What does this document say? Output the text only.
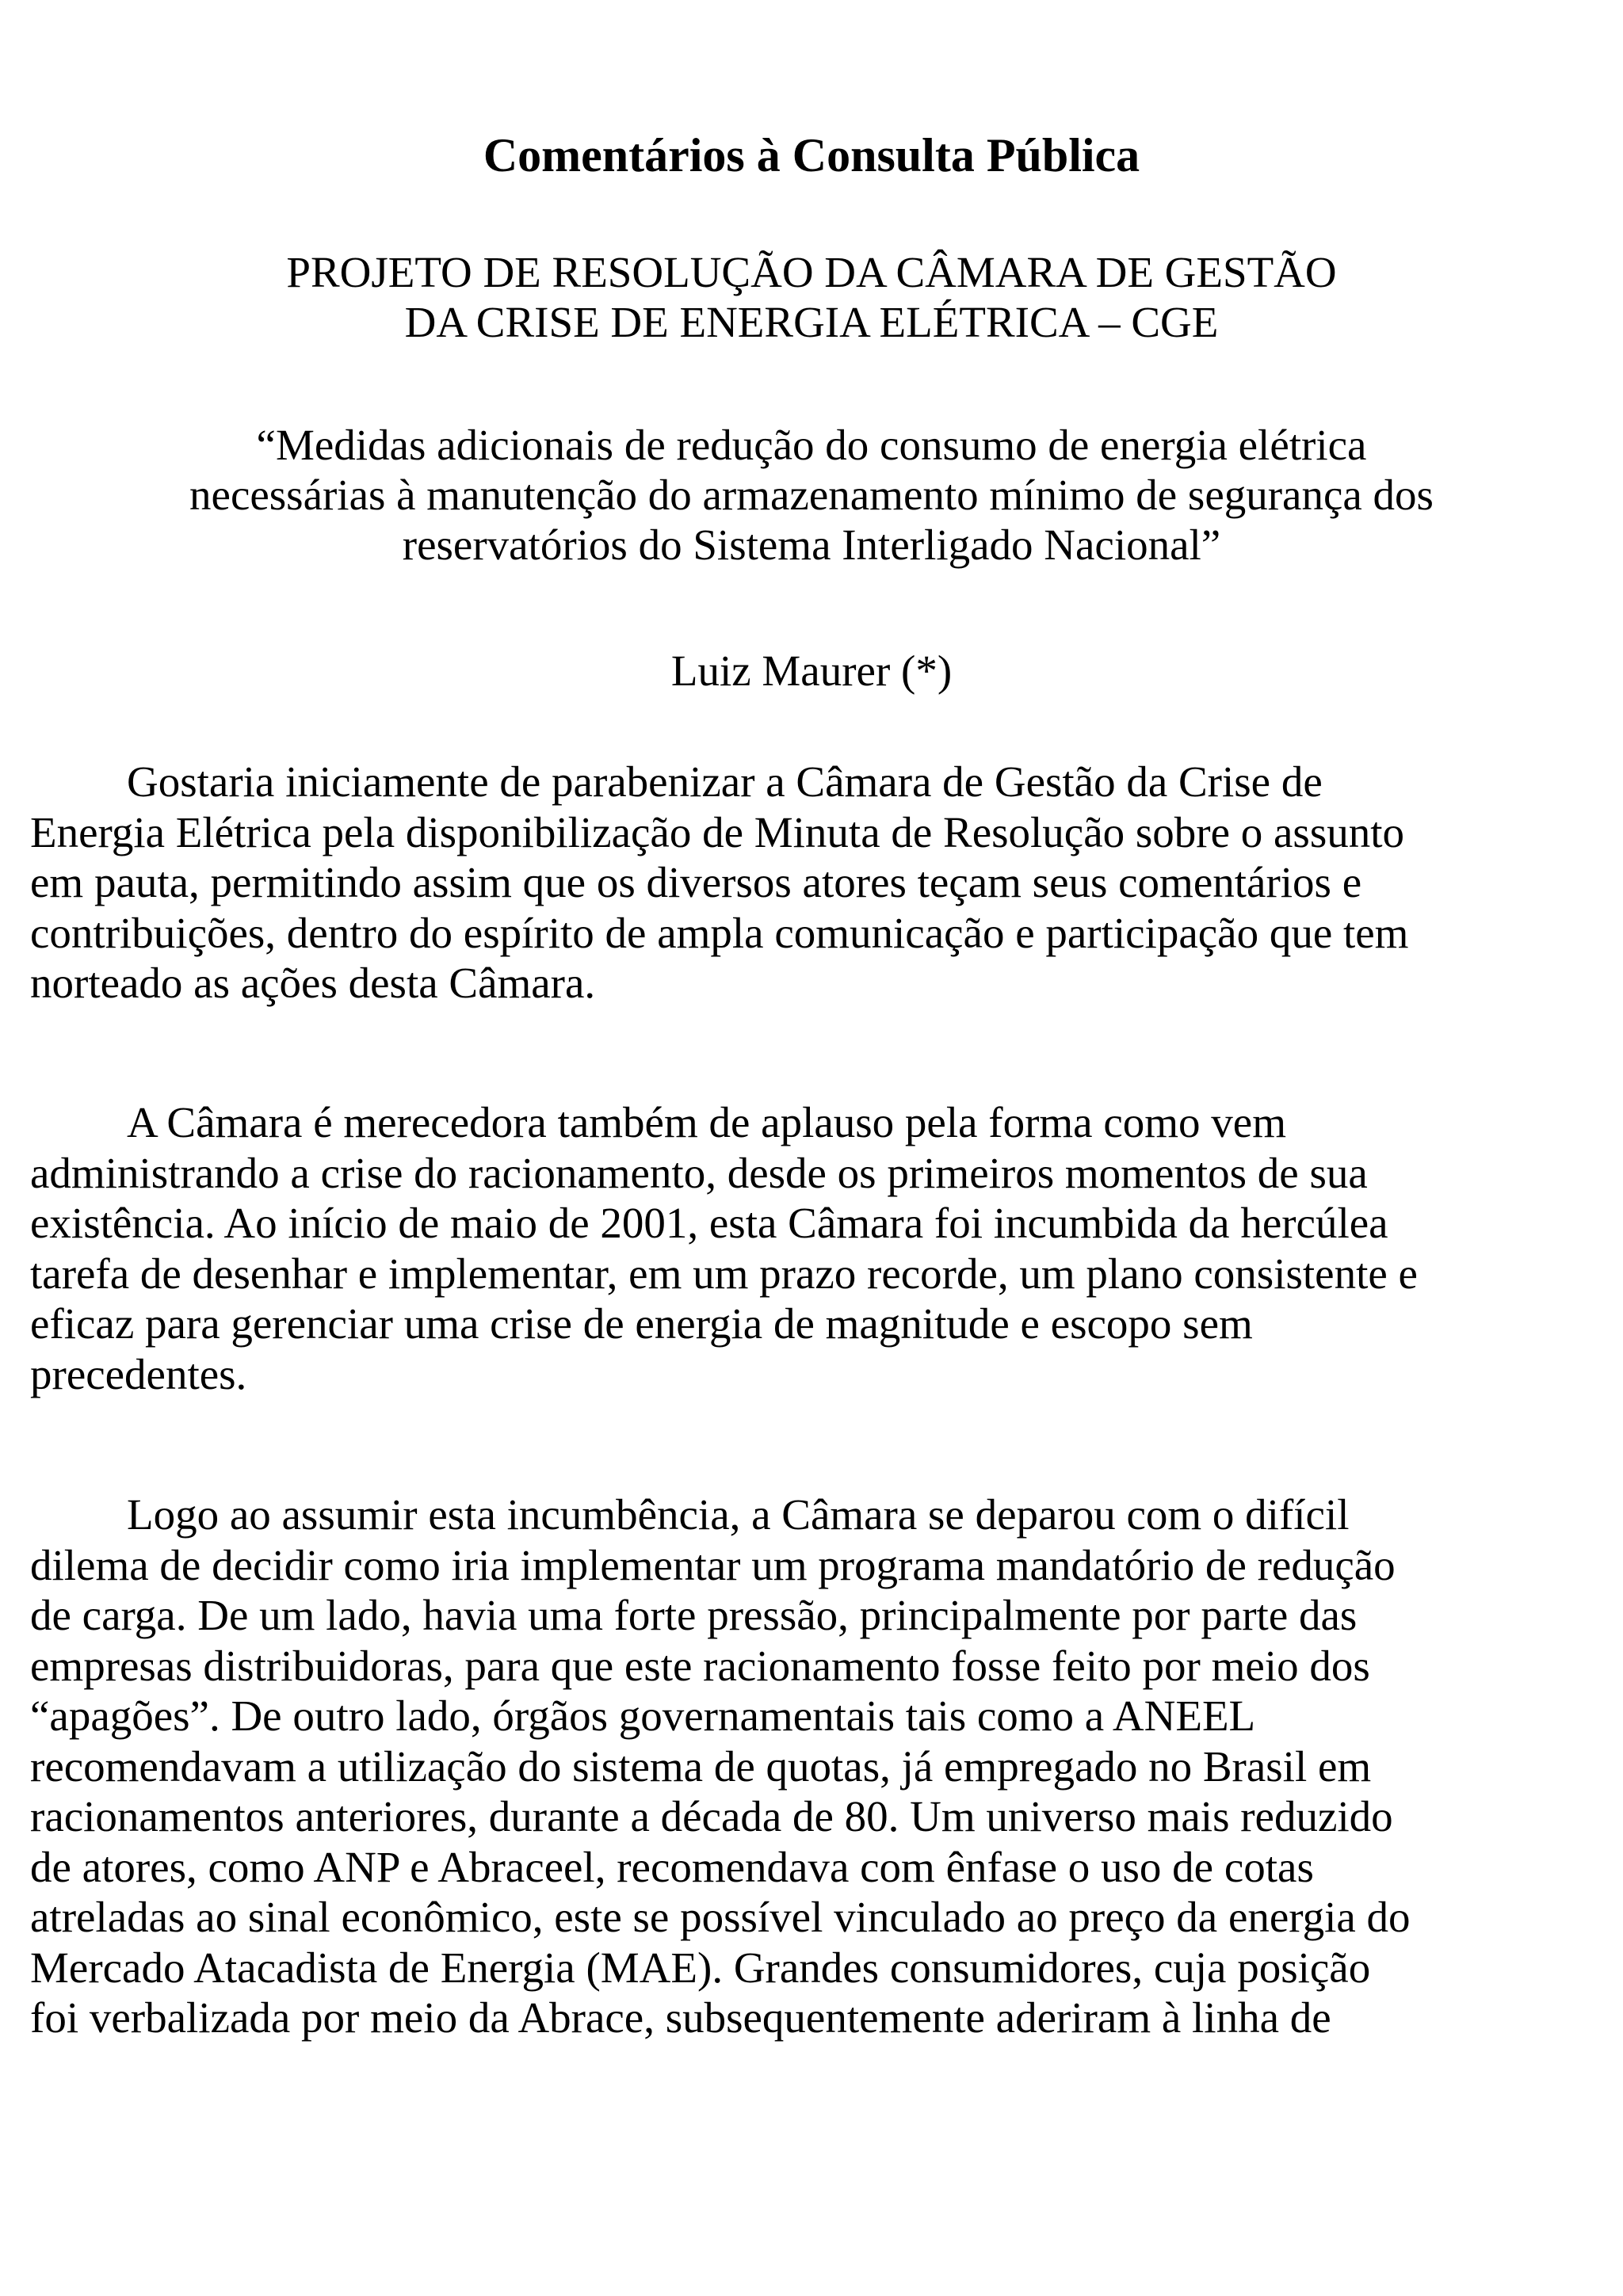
Comentários à Consulta Pública
PROJETO DE RESOLUÇÃO DA CÂMARA DE GESTÃO
DA CRISE DE ENERGIA ELÉTRICA – CGE
“Medidas adicionais de redução do consumo de energia elétrica
necessárias à manutenção do armazenamento mínimo de segurança dos
reservatórios do Sistema Interligado Nacional”
Luiz Maurer (*)
Gostaria iniciamente de parabenizar a Câmara de Gestão da Crise de
Energia Elétrica pela disponibilização de Minuta de Resolução sobre o assunto
em pauta, permitindo assim que os diversos atores teçam seus comentários e
contribuições, dentro do espírito de ampla comunicação e participação que tem
norteado as ações desta Câmara.
A Câmara é merecedora também de aplauso pela forma como vem
administrando a crise do racionamento, desde os primeiros momentos de sua
existência. Ao início de maio de 2001, esta Câmara foi incumbida da hercúlea
tarefa de desenhar e implementar, em um prazo recorde, um plano consistente e
eficaz para gerenciar uma crise de energia de magnitude e escopo sem
precedentes.
Logo ao assumir esta incumbência, a Câmara se deparou com o difícil
dilema de decidir como iria implementar um programa mandatório de redução
de carga. De um lado, havia uma forte pressão, principalmente por parte das
empresas distribuidoras, para que este racionamento fosse feito por meio dos
“apagões”. De outro lado, órgãos governamentais tais como a ANEEL
recomendavam a utilização do sistema de quotas, já empregado no Brasil em
racionamentos anteriores, durante a década de 80. Um universo mais reduzido
de atores, como ANP e Abraceel, recomendava com ênfase o uso de cotas
atreladas ao sinal econômico, este se possível vinculado ao preço da energia do
Mercado Atacadista de Energia (MAE). Grandes consumidores, cuja posição
foi verbalizada por meio da Abrace, subsequentemente aderiram à linha de
